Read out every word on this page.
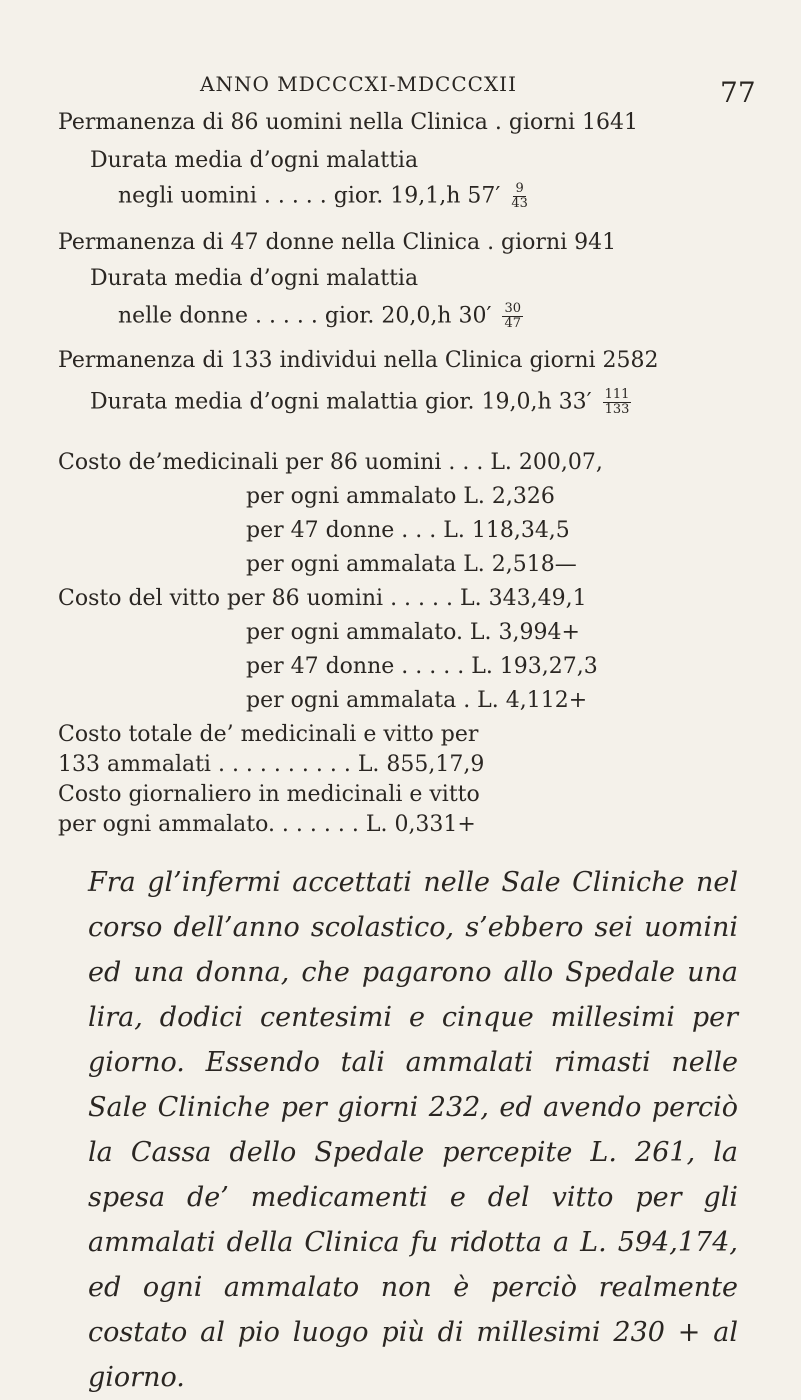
ANNO MDCCCXI-MDCCCXII	77
Permanenza di 86 uomini nella Clinica . giorni 1641
Durata media d’ogni malattia
negli uomini . . . . . gior. 19,1,h $57' \frac{9}{43}$
Permanenza di 47 donne nella Clinica . giorni 941
Durata media d’ogni malattia
nelle donne . . . . . gior. 20,0,h $30' \frac{30}{47}$
Permanenza di 133 individui nella Clinica giorni 2582
Durata media d’ogni malattia gior. 19,0,h $33' \frac{111}{133}$
Costo de’medicinali per 86 uomini . . . L. 200,07,
per ogni ammalato L. 2,326
per 47 donne . . . L. 118,34,5
per ogni ammalata L. 2,518—
Costo del vitto per 86 uomini . . . . . L. 343,49,1
per ogni ammalato. L. 3,994+
per 47 donne . . . . . L. 193,27,3
per ogni ammalata . L. 4,112+
Costo totale de’ medicinali e vitto per
133 ammalati . . . . . . . . . . L. 855,17,9
Costo giornaliero in medicinali e vitto
per ogni ammalato. . . . . . . L. 0,331+
Fra gl’infermi accettati nelle Sale Cliniche nel corso dell’anno scolastico, s’ebbero sei uomini ed una donna, che pagarono allo Spedale una lira, dodici centesimi e cinque millesimi per giorno. Essendo tali ammalati rimasti nelle Sale Cliniche per giorni 232, ed avendo perciò la Cassa dello Spedale percepite L. 261, la spesa de’ medicamenti e del vitto per gli ammalati della Clinica fu ridotta a L. 594,174, ed ogni ammalato non è perciò realmente costato al pio luogo più di millesimi 230 + al giorno.
